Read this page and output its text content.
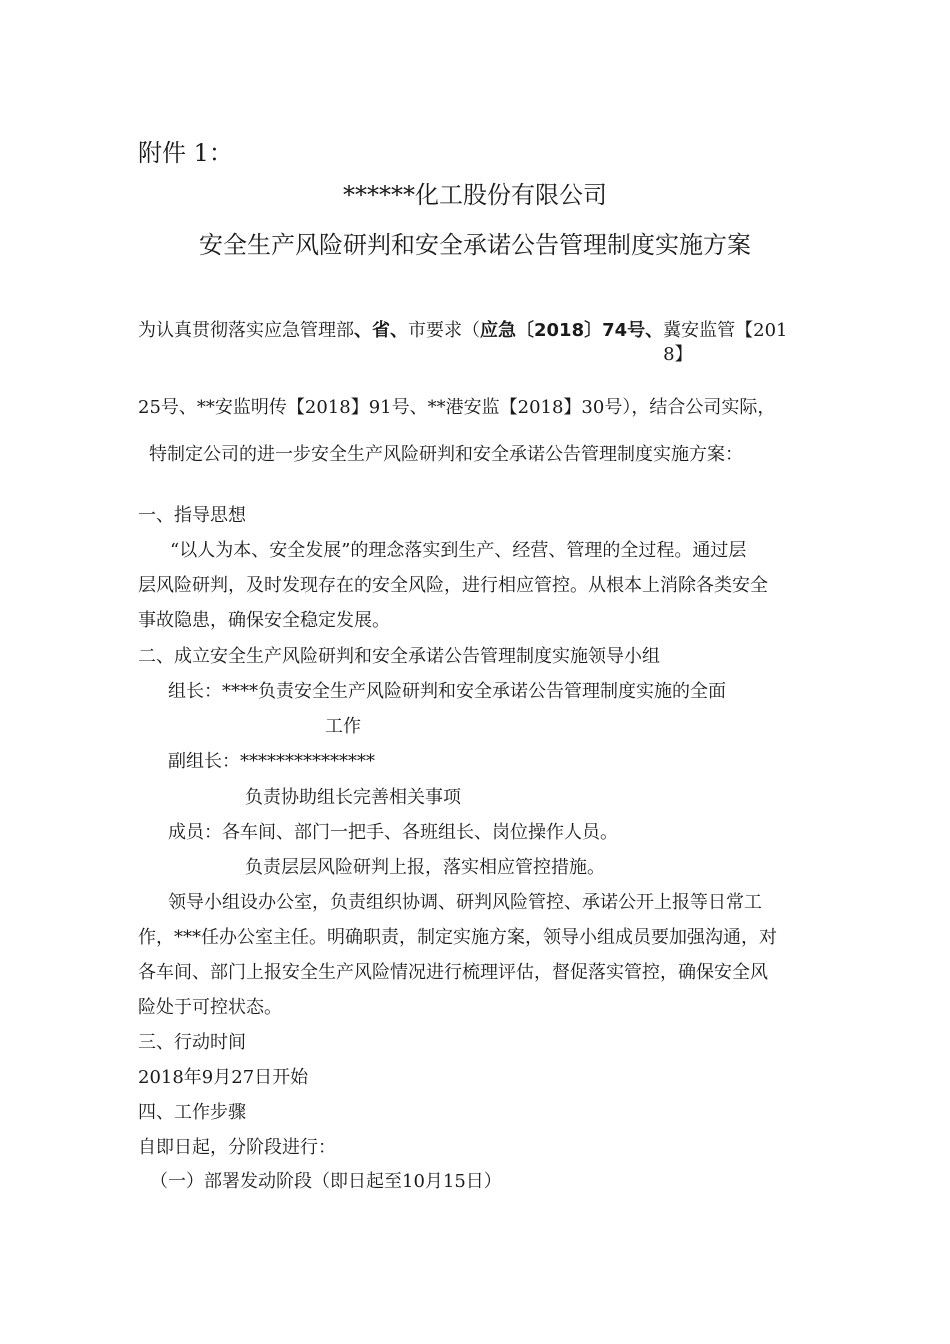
附件 1：
******化工股份有限公司
安全生产风险研判和安全承诺公告管理制度实施方案
为认真贯彻落实应急管理部、省、市要求（应急〔2018〕74号、冀安监管【2018】
25号、**安监明传【2018】91号、**港安监【2018】30号），结合公司实际，
特制定公司的进一步安全生产风险研判和安全承诺公告管理制度实施方案：
一、指导思想
“以人为本、安全发展”的理念落实到生产、经营、管理的全过程。通过层
层风险研判，及时发现存在的安全风险，进行相应管控。从根本上消除各类安全
事故隐患，确保安全稳定发展。
二、成立安全生产风险研判和安全承诺公告管理制度实施领导小组
组长：****负责安全生产风险研判和安全承诺公告管理制度实施的全面
工作
副组长：***************
负责协助组长完善相关事项
成员：各车间、部门一把手、各班组长、岗位操作人员。
负责层层风险研判上报，落实相应管控措施。
领导小组设办公室，负责组织协调、研判风险管控、承诺公开上报等日常工
作，***任办公室主任。明确职责，制定实施方案，领导小组成员要加强沟通，对
各车间、部门上报安全生产风险情况进行梳理评估，督促落实管控，确保安全风
险处于可控状态。
三、行动时间
2018年9月27日开始
四、工作步骤
自即日起，分阶段进行：
（一）部署发动阶段（即日起至10月15日）
